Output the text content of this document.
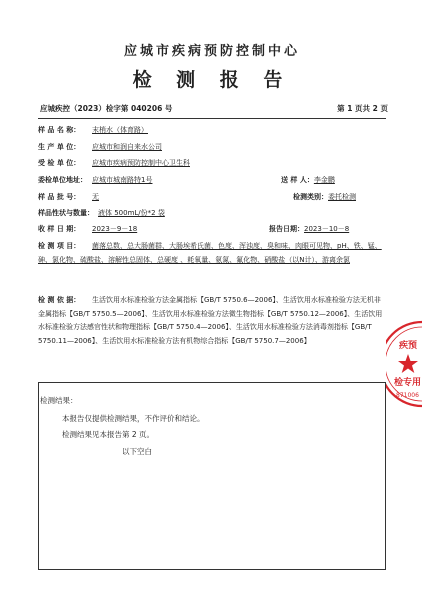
应城市疾病预防控制中心
检 测 报 告
应城疾控（2023）检字第 040206 号	第 1 页共 2 页
样 品 名 称： 末梢水（体育路）
生 产 单 位： 应城市和润自来水公司
受 检 单 位： 应城市疾病预防控制中心卫生科
委检单位地址： 应城市城南路特1号	送 样 人：李金鹏
样 品 批 号： 无	检测类别：委托检测
样品性状与数量： 液体 500mL/份*2 袋
收 样 日 期： 2023－9－18	报告日期：2023－10－8

检 测 项 目： 菌落总数、总大肠菌群、大肠埃希氏菌、色度、浑浊度、臭和味、肉眼可见物、pH、铁、锰、砷、氯化物、硫酸盐、溶解性总固体、总硬度 、耗氧量、氨氮、氟化物、硝酸盐（以N计）、游离余氯

检 测 依 据： 生活饮用水标准检验方法金属指标【GB/T 5750.6—2006】、生活饮用水标准检验方法无机非金属指标【GB/T 5750.5—2006】、生活饮用水标准检验方法微生物指标【GB/T 5750.12—2006】、生活饮用水标准检验方法感官性状和物理指标【GB/T 5750.4—2006】、生活饮用水标准检验方法消毒剂指标【GB/T 5750.11—2006】、生活饮用水标准检验方法有机物综合指标【GB/T 5750.7—2006】

检测结果：
本报告仅提供检测结果，不作评价和结论。
检测结果见本报告第 2 页。
以下空白
疾预
检专用
871006
